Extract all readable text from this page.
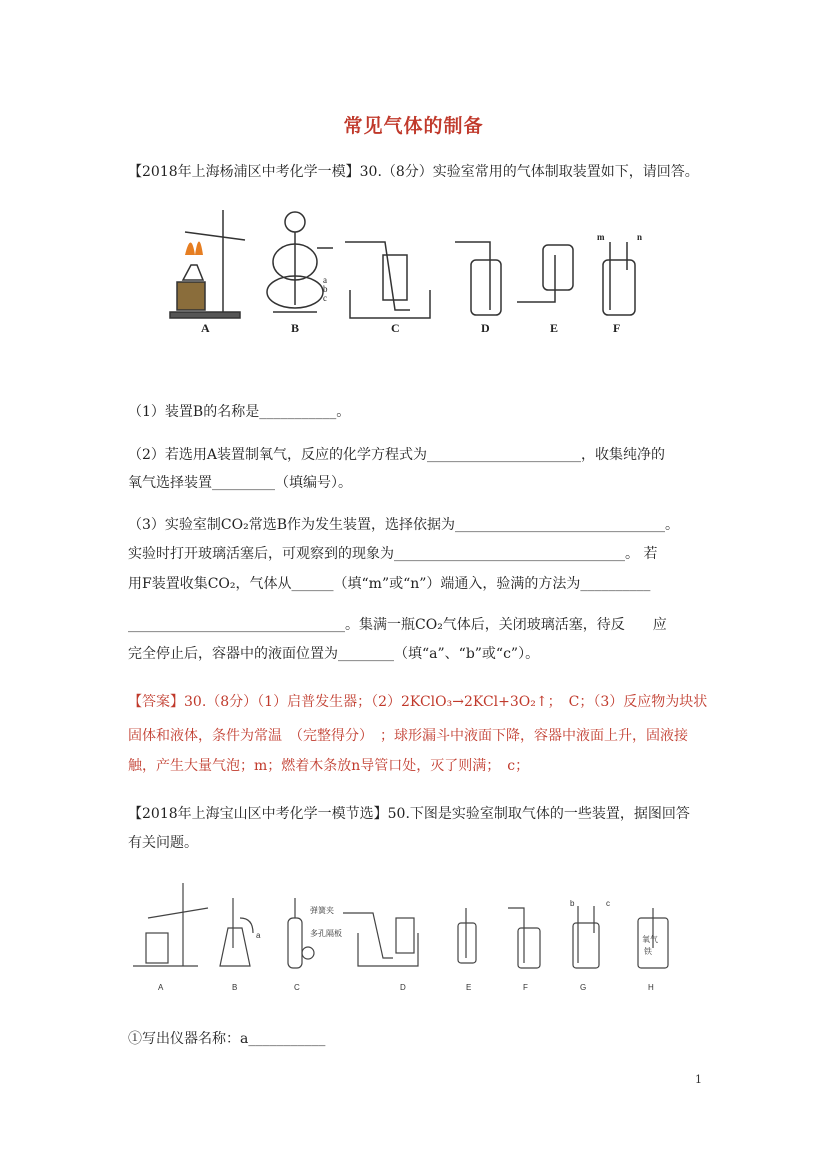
常见气体的制备
【2018年上海杨浦区中考化学一模】30.（8分）实验室常用的气体制取装置如下，请回答。
A	B	C	D	E	F
a
b
c
m	n
（1）装置B的名称是___________。
（2）若选用A装置制氧气，反应的化学方程式为______________________，收集纯净的
氧气选择装置_________（填编号）。
（3）实验室制CO₂常选B作为发生装置，选择依据为______________________________。
实验时打开玻璃活塞后，可观察到的现象为_________________________________。 若
用F装置收集CO₂，气体从______（填“m”或“n”）端通入，验满的方法为__________
_______________________________。集满一瓶CO₂气体后，关闭玻璃活塞，待反　　应
完全停止后，容器中的液面位置为________（填“a”、“b”或“c”）。
【答案】30.（8分）（1）启普发生器；（2）2KClO₃→2KCl+3O₂↑；　C；（3）反应物为块状
固体和液体，条件为常温　（完整得分）　；球形漏斗中液面下降，容器中液面上升，固液接
触，产生大量气泡；m；燃着木条放n导管口处，灭了则满；　c；
【2018年上海宝山区中考化学一模节选】50.下图是实验室制取气体的一些装置，据图回答
有关问题。
A	B	C	D	E	F	G	H
a
弹簧夹
多孔隔板
b	c
氧气
铁
①写出仪器名称：a___________
1
